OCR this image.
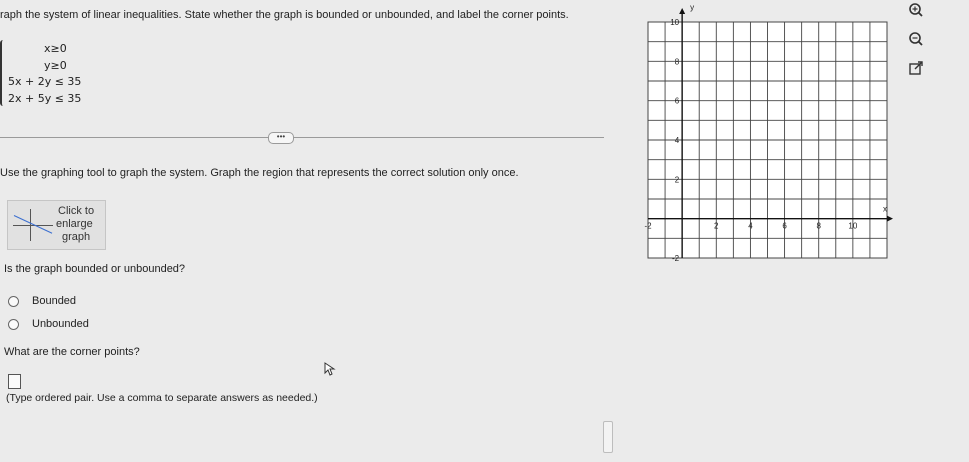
raph the system of linear inequalities. State whether the graph is bounded or unbounded, and label the corner points.
x≥0
y≥0
5x + 2y ≤ 35
2x + 5y ≤ 35
•••
Use the graphing tool to graph the system. Graph the region that represents the correct solution only once.
Click to
enlarge
graph
Is the graph bounded or unbounded?
Bounded
Unbounded
What are the corner points?
(Type ordered pair. Use a comma to separate answers as needed.)
-2	2	4	6	8	10
10
8
6
4
2
-2
y
x
